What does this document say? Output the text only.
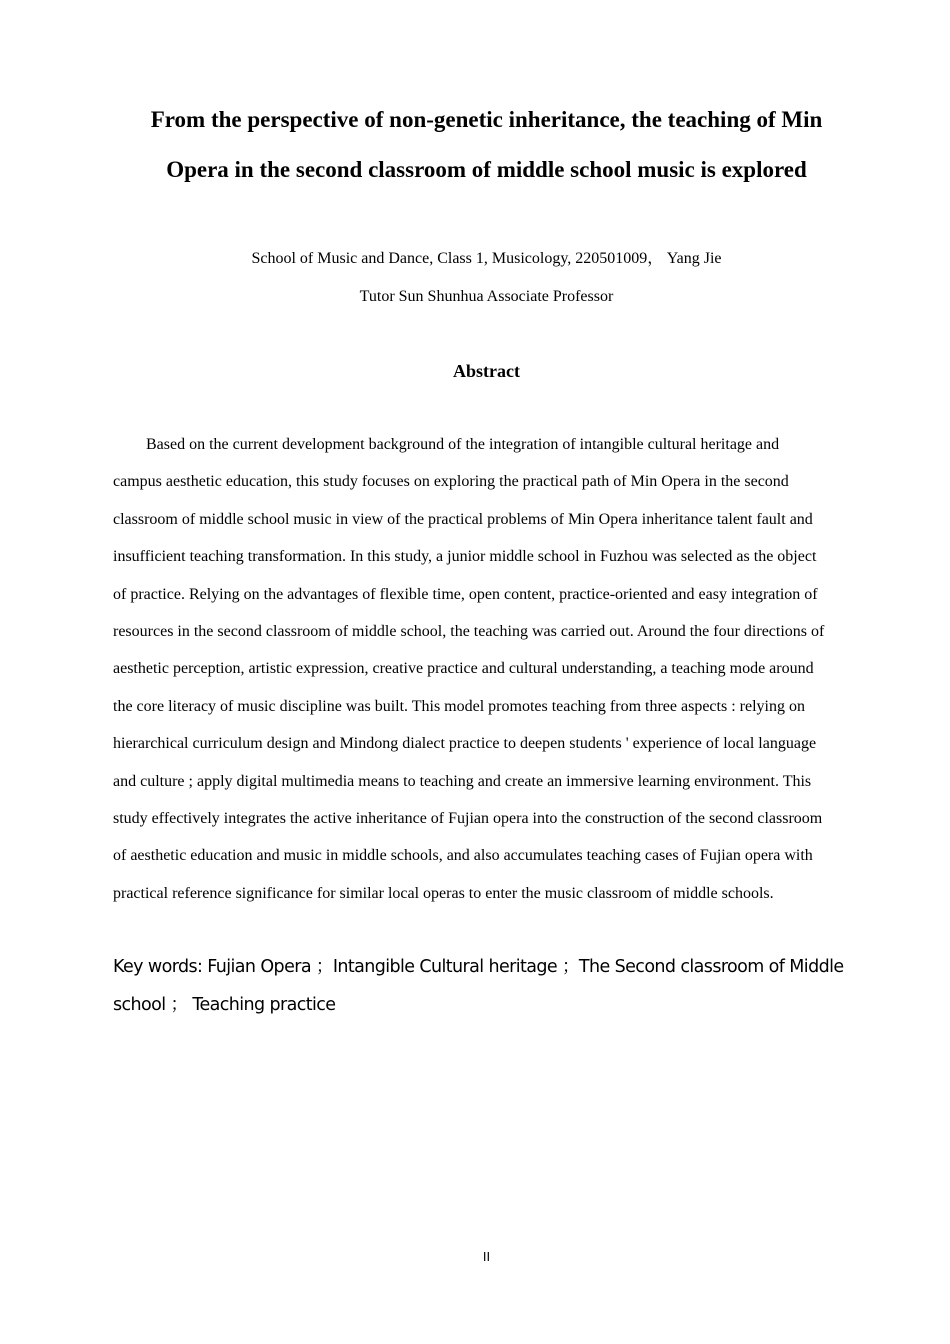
From the perspective of non-genetic inheritance, the teaching of Min
Opera in the second classroom of middle school music is explored

School of Music and Dance, Class 1, Musicology, 220501009， Yang Jie

Tutor Sun Shunhua Associate Professor

Abstract

Based on the current development background of the integration of intangible cultural heritage and
campus aesthetic education, this study focuses on exploring the practical path of Min Opera in the second
classroom of middle school music in view of the practical problems of Min Opera inheritance talent fault and
insufficient teaching transformation. In this study, a junior middle school in Fuzhou was selected as the object
of practice. Relying on the advantages of flexible time, open content, practice-oriented and easy integration of
resources in the second classroom of middle school, the teaching was carried out. Around the four directions of
aesthetic perception, artistic expression, creative practice and cultural understanding, a teaching mode around
the core literacy of music discipline was built. This model promotes teaching from three aspects : relying on
hierarchical curriculum design and Mindong dialect practice to deepen students ' experience of local language
and culture ; apply digital multimedia means to teaching and create an immersive learning environment. This
study effectively integrates the active inheritance of Fujian opera into the construction of the second classroom
of aesthetic education and music in middle schools, and also accumulates teaching cases of Fujian opera with
practical reference significance for similar local operas to enter the music classroom of middle schools.

Key words: Fujian Opera ；Intangible Cultural heritage ；The Second classroom of Middle
school ； Teaching practice

II
